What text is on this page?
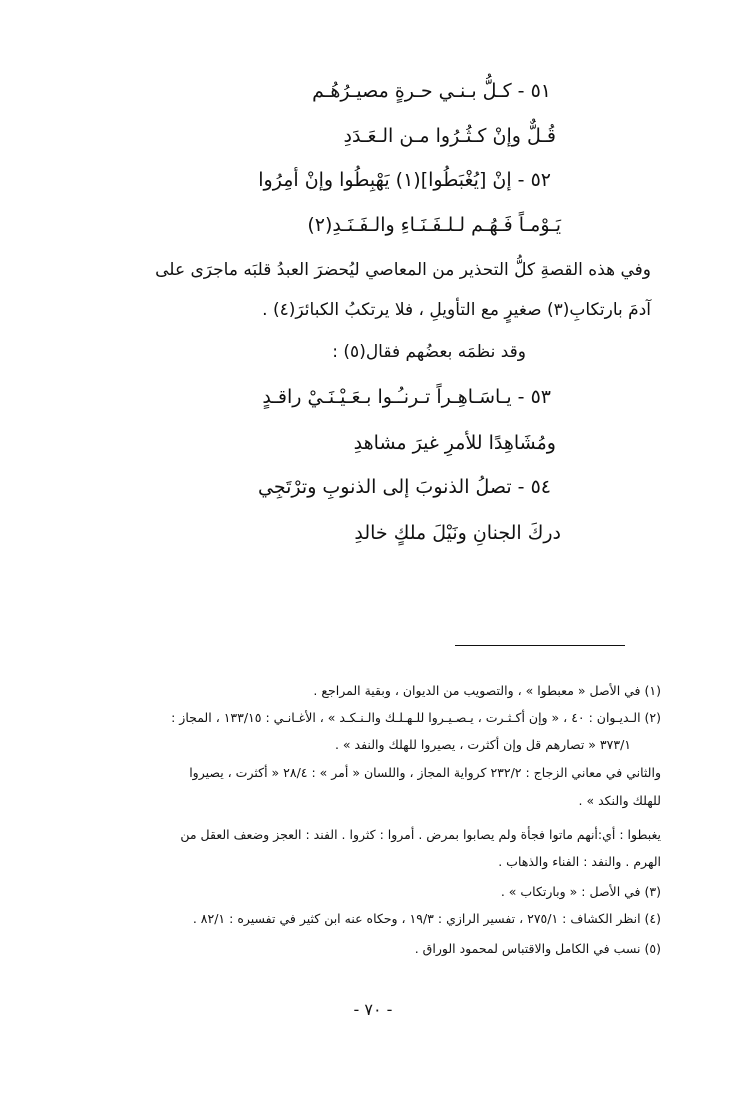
٥١ -كـلُّ بـنـي حـرةٍ مصيـرُهُـم
قُـلٌّ وإنْ كـثُـرُوا مـن الـعَـدَدِ
٥٢ -إنْ [يُغْبَطُوا](١) يَهْبِطُوا وإنْ أمِرُوا
يَـوْمـاً فَـهُـم لـلـفَـنَـاءِ والـفَـنَـدِ(٢)
وفي هذه القصةِ كلُّ التحذير من المعاصي ليُحضرَ العبدُ قلبَه ماجرَى على
آدمَ بارتكابِ(٣) صغيرٍ مع التأويلِ ، فلا يرتكبُ الكبائرَ(٤) .
وقد نظمَه بعضُهم فقال(٥) :
٥٣ -يـاسَـاهِـراً تـرنـُـوا بـعَـيْـنَـيْ راقـدٍ
ومُشَاهِدًا للأمرِ غيرَ مشاهدِ
٥٤ -تصلُ الذنوبَ إلى الذنوبِ وترْتَجِي
دركَ الجنانِ ونَيْلَ ملكٍ خالدِ
(١) في الأصل « معبطوا » ، والتصويب من الديوان ، وبقية المراجع .
(٢) الـديـوان : ٤٠ ، « وإن أكـثـرت ، يـصـيـروا للـهـلـك والـنـكـد » ، الأغـانـي : ١٣٣/١٥ ، المجاز :
٣٧٣/١ « تصارهم قل وإن أكثرت ، يصيروا للهلك والنفد » .
والثاني في معاني الزجاج : ٢٣٢/٢ كرواية المجاز ، واللسان « أمر » : ٢٨/٤ « أكثرت ، يصيروا
للهلك والنكد » .
يغبطوا : أي:أنهم ماتوا فجأة ولم يصابوا بمرض . أمروا : كثروا . الفند : العجز وضعف العقل من
الهرم . والنفد : الفناء والذهاب .
(٣) في الأصل : « وبارتكاب » .
(٤) انظر الكشاف : ٢٧٥/١ ، تفسير الرازي : ١٩/٣ ، وحكاه عنه ابن كثير في تفسيره : ٨٢/١ .
(٥) نسب في الكامل والاقتباس لمحمود الوراق .
- ٧٠ -
